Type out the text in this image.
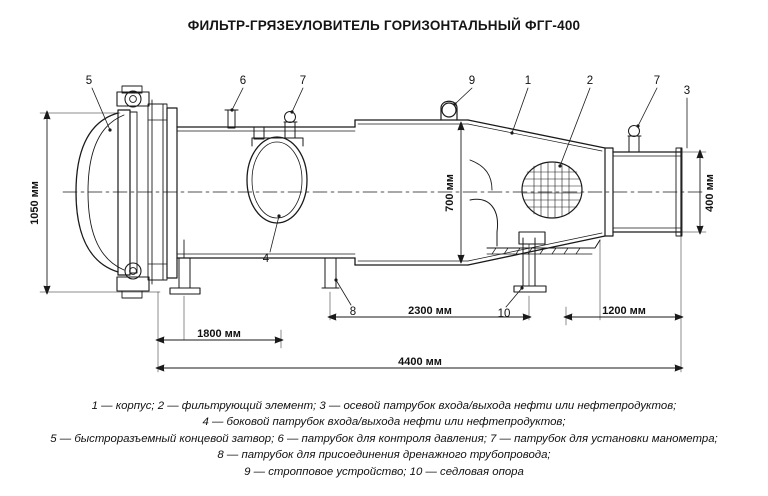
ФИЛЬТР-ГРЯЗЕУЛОВИТЕЛЬ ГОРИЗОНТАЛЬНЫЙ ФГГ-400
5	6	7	9	1	2	7
3
4
8	10
1050 мм	700 мм	400 мм
1800 мм
2300 мм	1200 мм
4400 мм
1 — корпус; 2 — фильтрующий элемент; 3 — осевой патрубок входа/выхода нефти или нефтепродуктов;
4 — боковой патрубок входа/выхода нефти или нефтепродуктов;
5 — быстроразъемный концевой затвор; 6 — патрубок для контроля давления; 7 — патрубок для установки манометра;
8 — патрубок для присоединения дренажного трубопровода;
9 — стропповое устройство; 10 — седловая опора
